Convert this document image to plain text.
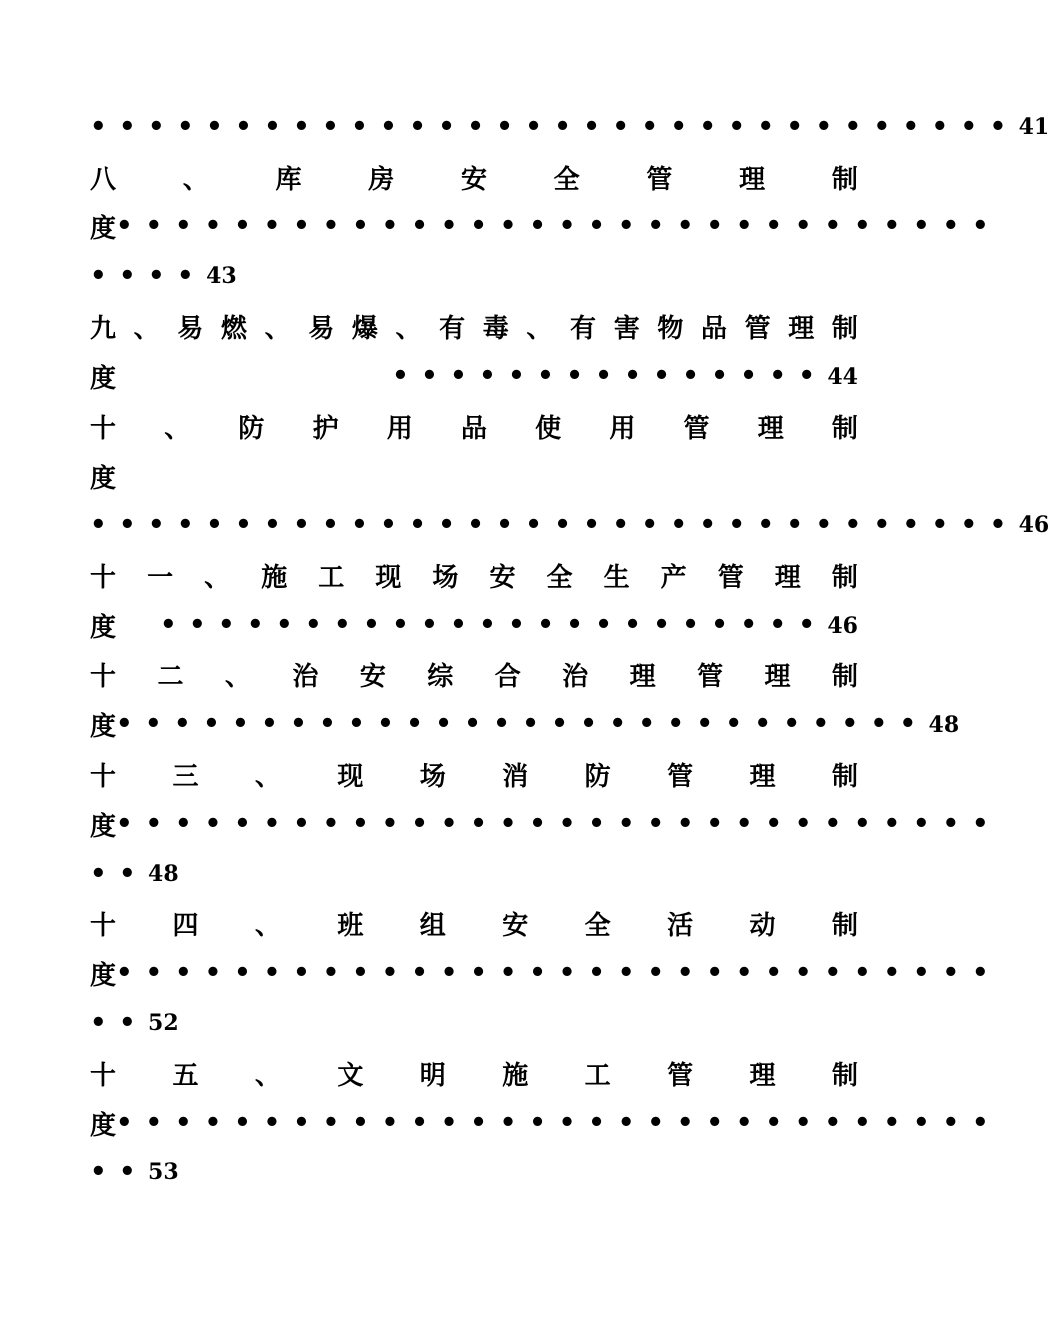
•••••••••••••••••••••••••••••••• 41
八	、	库	房	安	全	管	理	制
度 ••••••••••••••••••••••••••••••
•••• 43
九 、 易 燃 、 易 爆 、 有 毒 、 有 害 物 品 管 理 制
度	•••••••••••••••44
十 、 防 护 用 品 使 用 管 理 制
度
•••••••••••••••••••••••••••••••• 46
十 一 、 施 工 现 场 安 全 生 产 管 理 制
度 •••••••••••••••••••••••46
十 二 、 治 安 综 合 治 理 管 理 制
度 ••••••••••••••••••••••••••••48
十 三 、 现 场 消 防 管 理 制
度 ••••••••••••••••••••••••••••••
•• 48
十 四 、 班 组 安 全 活 动 制
度 ••••••••••••••••••••••••••••••
•• 52
十 五 、 文 明 施 工 管 理 制
度 ••••••••••••••••••••••••••••••
•• 53
